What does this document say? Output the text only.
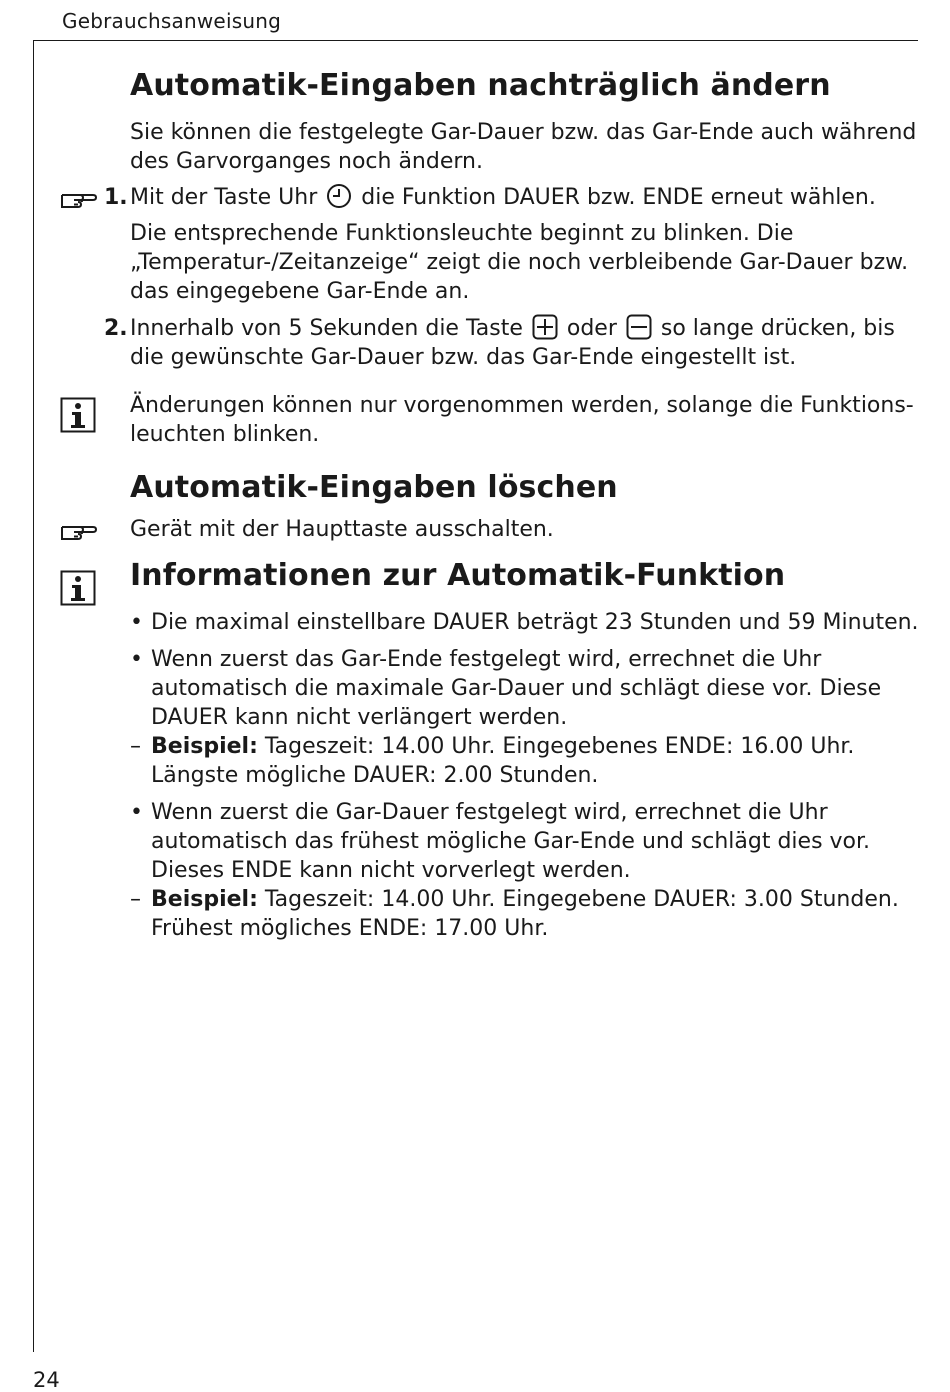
Gebrauchsanweisung
24
Automatik-Eingaben nachträglich ändern
Sie können die festgelegte Gar-Dauer bzw. das Gar-Ende auch während
des Garvorganges noch ändern.
1. Mit der Taste Uhr die Funktion DAUER bzw. ENDE erneut wählen.
Die entsprechende Funktionsleuchte beginnt zu blinken. Die
„Temperatur-/Zeitanzeige“ zeigt die noch verbleibende Gar-Dauer bzw.
das eingegebene Gar-Ende an.
2. Innerhalb von 5 Sekunden die Taste oder so lange drücken, bis
die gewünschte Gar-Dauer bzw. das Gar-Ende eingestellt ist.
Änderungen können nur vorgenommen werden, solange die Funktions-
leuchten blinken.
Automatik-Eingaben löschen
Gerät mit der Haupttaste ausschalten.
Informationen zur Automatik-Funktion
• Die maximal einstellbare DAUER beträgt 23 Stunden und 59 Minuten.
• Wenn zuerst das Gar-Ende festgelegt wird, errechnet die Uhr
automatisch die maximale Gar-Dauer und schlägt diese vor. Diese
DAUER kann nicht verlängert werden.
– Beispiel: Tageszeit: 14.00 Uhr. Eingegebenes ENDE: 16.00 Uhr.
Längste mögliche DAUER: 2.00 Stunden.
• Wenn zuerst die Gar-Dauer festgelegt wird, errechnet die Uhr
automatisch das frühest mögliche Gar-Ende und schlägt dies vor.
Dieses ENDE kann nicht vorverlegt werden.
– Beispiel: Tageszeit: 14.00 Uhr. Eingegebene DAUER: 3.00 Stunden.
Frühest mögliches ENDE: 17.00 Uhr.
